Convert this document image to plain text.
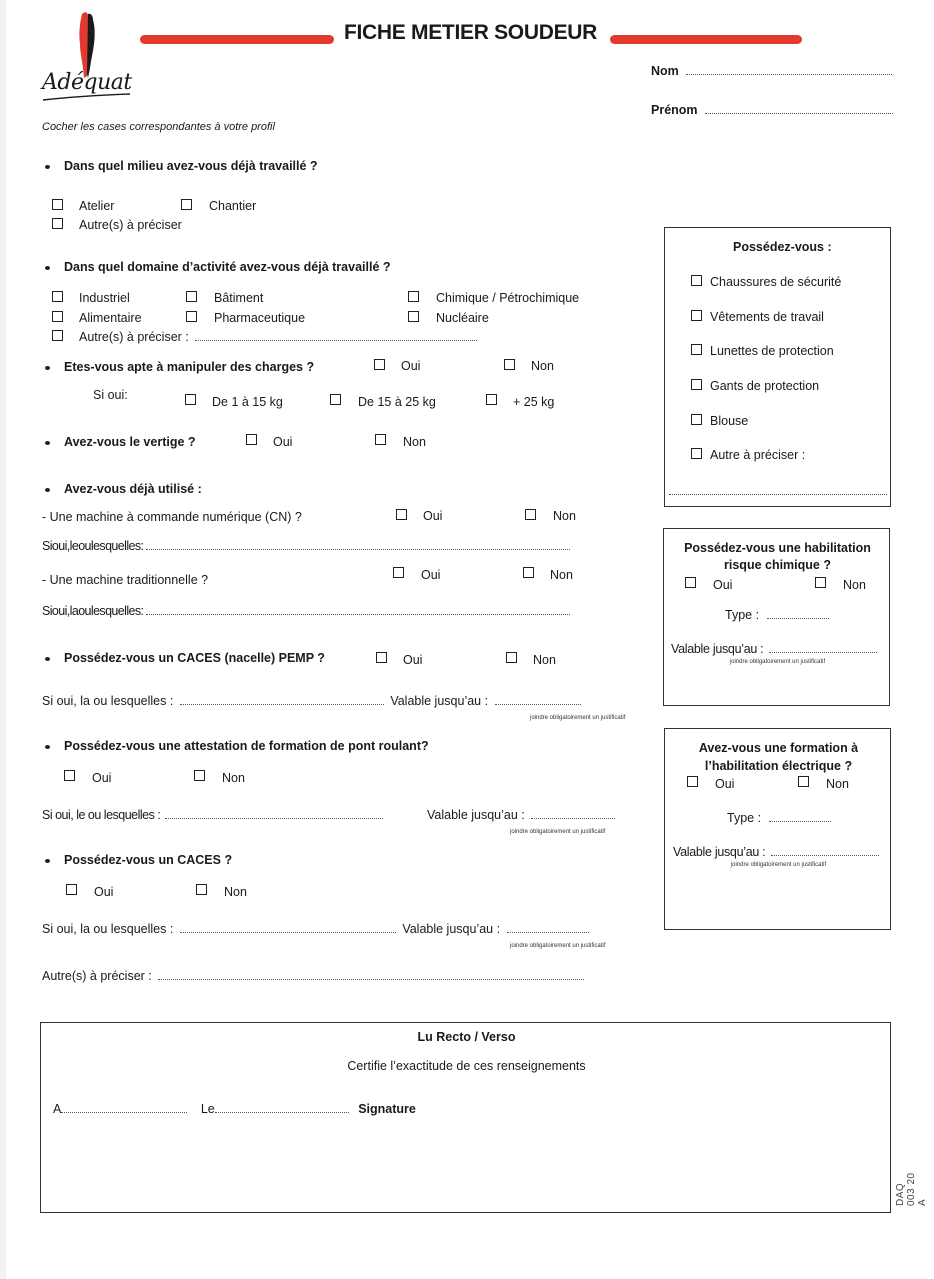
Adéquat
FICHE METIER SOUDEUR
Nom
Prénom
Cocher les cases correspondantes à votre profil
Dans quel milieu avez-vous déjà travaillé ?
Atelier	Chantier
Autre(s) à préciser
Dans quel domaine d’activité avez-vous déjà travaillé ?
Industriel	Bâtiment	Chimique / Pétrochimique
Alimentaire	Pharmaceutique	Nucléaire
Autre(s) à préciser :
Etes-vous apte à manipuler des charges ?	Oui	Non
Si oui:	De 1 à 15 kg	De 15 à 25 kg	+ 25 kg
Avez-vous le vertige ?	Oui	Non
Avez-vous déjà utilisé :
- Une machine à commande numérique (CN) ?	Oui	Non
Sioui,leoulesquelles:
- Une machine traditionnelle ?	Oui	Non
Sioui,laoulesquelles:
Possédez-vous un CACES (nacelle) PEMP ?	Oui	Non
Si oui, la ou lesquelles :	Valable jusqu’au :
joindre obligatoirement un justificatif
Possédez-vous une attestation de formation de pont roulant?
Oui	Non
Si oui, le ou lesquelles :	Valable jusqu’au :
joindre obligatoirement un justificatif
Possédez-vous un CACES ?
Oui	Non
Si oui, la ou lesquelles :	Valable jusqu’au :
joindre obligatoirement un justificatif
Autre(s) à préciser :
Possédez-vous :
Chaussures de sécurité
Vêtements de travail
Lunettes de protection
Gants de protection
Blouse
Autre à préciser :
Possédez-vous une habilitation
risque chimique ?
Oui	Non
Type :
Valable jusqu’au :
joindre obligatoirement un justificatif
Avez-vous une formation à
l’habilitation électrique ?
Oui	Non
Type :
Valable jusqu’au :
joindre obligatoirement un justificatif
Lu Recto / Verso
Certifie l’exactitude de ces renseignements
A	Le	Signature
DAQ 003 20 A
